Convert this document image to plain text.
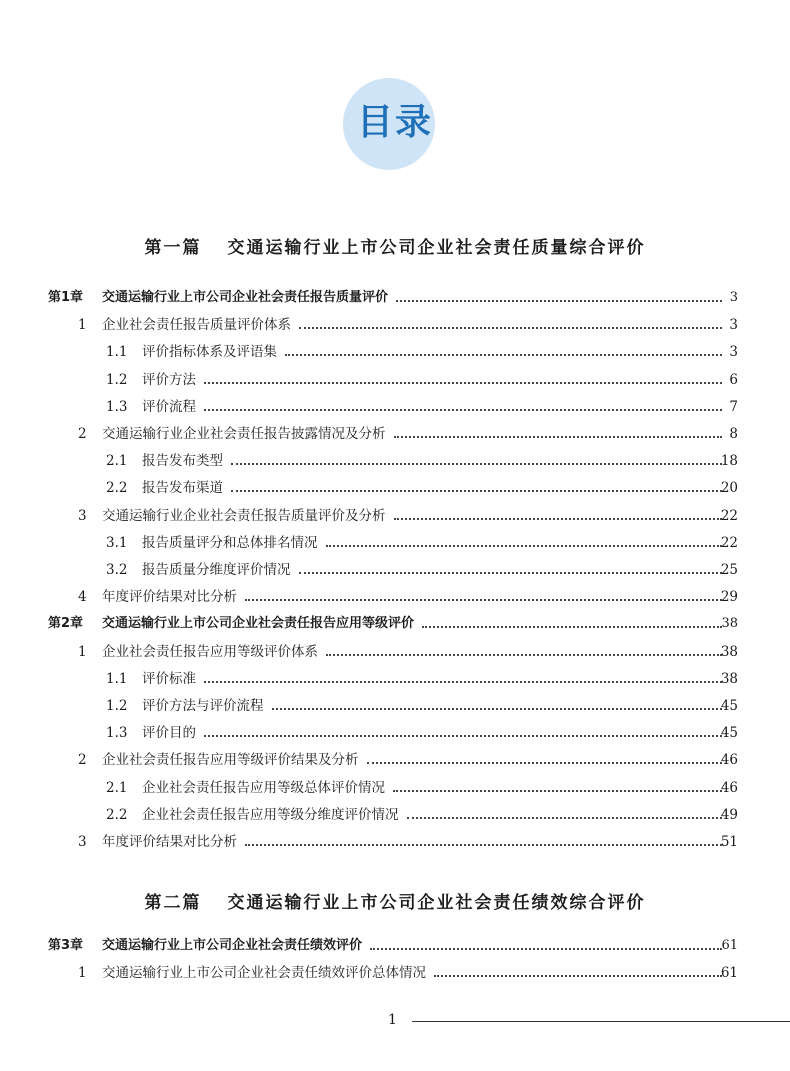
目录
第一篇 交通运输行业上市公司企业社会责任质量综合评价
第1章 交通运输行业上市公司企业社会责任报告质量评价	3
1 企业社会责任报告质量评价体系	3
1.1 评价指标体系及评语集	3
1.2 评价方法	6
1.3 评价流程	7
2 交通运输行业企业社会责任报告披露情况及分析	8
2.1 报告发布类型	18
2.2 报告发布渠道	20
3 交通运输行业企业社会责任报告质量评价及分析	22
3.1 报告质量评分和总体排名情况	22
3.2 报告质量分维度评价情况	25
4 年度评价结果对比分析	29
第2章 交通运输行业上市公司企业社会责任报告应用等级评价	38
1 企业社会责任报告应用等级评价体系	38
1.1 评价标准	38
1.2 评价方法与评价流程	45
1.3 评价目的	45
2 企业社会责任报告应用等级评价结果及分析	46
2.1 企业社会责任报告应用等级总体评价情况	46
2.2 企业社会责任报告应用等级分维度评价情况	49
3 年度评价结果对比分析	51
第二篇 交通运输行业上市公司企业社会责任绩效综合评价
第3章 交通运输行业上市公司企业社会责任绩效评价	61
1 交通运输行业上市公司企业社会责任绩效评价总体情况	61
1
